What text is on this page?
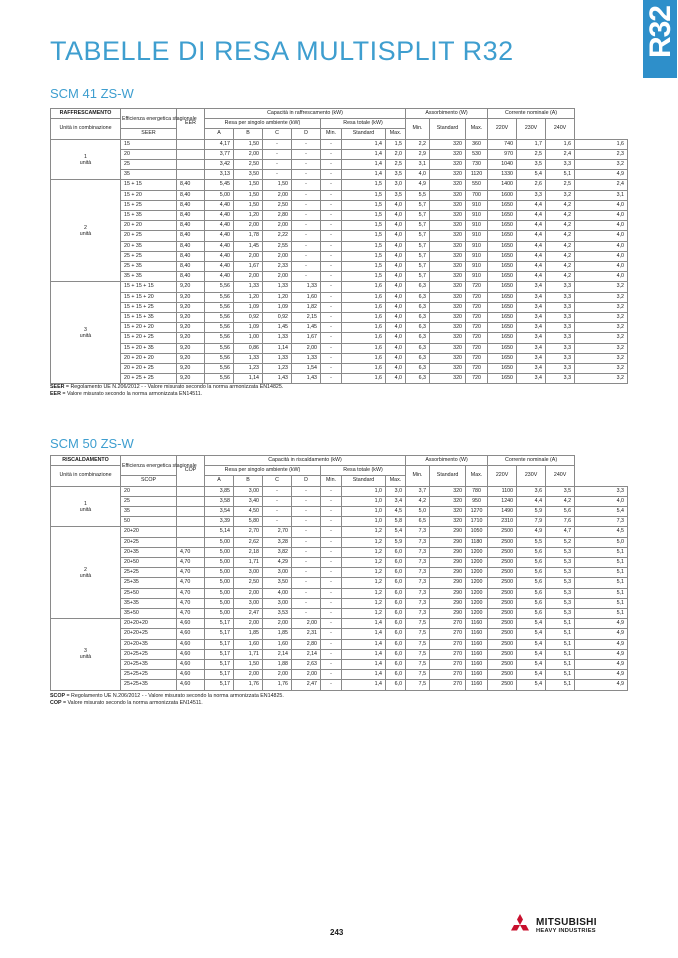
R32
TABELLE DI RESA MULTISPLIT R32
SCM 41 ZS-W
RAFFRESCAMENTO	Efficienza energetica stagionale	EER	Capacità in raffrescamento (kW)							Assorbimento (W)			Corrente nominale (A)			
Unità in combinazione			Resa per singolo ambiente (kW)				Resa totale (kW)			Min.	Standard	Max.	220V	230V	240V	
	SEER		A	B	C	D	Min.	Standard	Max.							
1
unità	15		4,17	1,50	-	-	-	1,4	1,5	2,2	320	360	740	1,7	1,6	1,6
	20		3,77	2,00	-	-	-	1,4	2,0	2,9	320	530	970	2,5	2,4	2,3
	25		3,42	2,50	-	-	-	1,4	2,5	3,1	320	730	1040	3,5	3,3	3,2
	35		3,13	3,50	-	-	-	1,4	3,5	4,0	320	1120	1330	5,4	5,1	4,9
2
unità	15 + 15	8,40	5,45	1,50	1,50	-	-	1,5	3,0	4,9	320	550	1400	2,6	2,5	2,4
	15 + 20	8,40	5,00	1,50	2,00	-	-	1,5	3,5	5,5	320	700	1600	3,3	3,2	3,1
	15 + 25	8,40	4,40	1,50	2,50	-	-	1,5	4,0	5,7	320	910	1650	4,4	4,2	4,0
	15 + 35	8,40	4,40	1,20	2,80	-	-	1,5	4,0	5,7	320	910	1650	4,4	4,2	4,0
	20 + 20	8,40	4,40	2,00	2,00	-	-	1,5	4,0	5,7	320	910	1650	4,4	4,2	4,0
	20 + 25	8,40	4,40	1,78	2,22	-	-	1,5	4,0	5,7	320	910	1650	4,4	4,2	4,0
	20 + 35	8,40	4,40	1,45	2,55	-	-	1,5	4,0	5,7	320	910	1650	4,4	4,2	4,0
	25 + 25	8,40	4,40	2,00	2,00	-	-	1,5	4,0	5,7	320	910	1650	4,4	4,2	4,0
	25 + 35	8,40	4,40	1,67	2,33	-	-	1,5	4,0	5,7	320	910	1650	4,4	4,2	4,0
	35 + 35	8,40	4,40	2,00	2,00	-	-	1,5	4,0	5,7	320	910	1650	4,4	4,2	4,0
3
unità	15 + 15 + 15	9,20	5,56	1,33	1,33	1,33	-	1,6	4,0	6,3	320	720	1650	3,4	3,3	3,2
	15 + 15 + 20	9,20	5,56	1,20	1,20	1,60	-	1,6	4,0	6,3	320	720	1650	3,4	3,3	3,2
	15 + 15 + 25	9,20	5,56	1,09	1,09	1,82	-	1,6	4,0	6,3	320	720	1650	3,4	3,3	3,2
	15 + 15 + 35	9,20	5,56	0,92	0,92	2,15	-	1,6	4,0	6,3	320	720	1650	3,4	3,3	3,2
	15 + 20 + 20	9,20	5,56	1,09	1,45	1,45	-	1,6	4,0	6,3	320	720	1650	3,4	3,3	3,2
	15 + 20 + 25	9,20	5,56	1,00	1,33	1,67	-	1,6	4,0	6,3	320	720	1650	3,4	3,3	3,2
	15 + 20 + 35	9,20	5,56	0,86	1,14	2,00	-	1,6	4,0	6,3	320	720	1650	3,4	3,3	3,2
	20 + 20 + 20	9,20	5,56	1,33	1,33	1,33	-	1,6	4,0	6,3	320	720	1650	3,4	3,3	3,2
	20 + 20 + 25	9,20	5,56	1,23	1,23	1,54	-	1,6	4,0	6,3	320	720	1650	3,4	3,3	3,2
	20 + 25 + 25	9,20	5,56	1,14	1,43	1,43	-	1,6	4,0	6,3	320	720	1650	3,4	3,3	3,2
SEER = Regolamento UE N.206/2012 - - Valore misurato secondo la norma armonizzata EN14825.
EER = Valore misurato secondo la norma armonizzata EN14511.
SCM 50 ZS-W
RISCALDAMENTO	Efficienza energetica stagionale	COP	Capacità in riscaldamento (kW)							Assorbimento (W)			Corrente nominale (A)			
Unità in combinazione			Resa per singolo ambiente (kW)				Resa totale (kW)			Min.	Standard	Max.	220V	230V	240V	
	SCOP		A	B	C	D	Min.	Standard	Max.							
1
unità	20		3,85	3,00	-	-	-	1,0	3,0	3,7	320	780	1100	3,6	3,5	3,3
	25		3,58	3,40	-	-	-	1,0	3,4	4,2	320	950	1240	4,4	4,2	4,0
	35		3,54	4,50	-	-	-	1,0	4,5	5,0	320	1270	1490	5,9	5,6	5,4
	50		3,39	5,80	-	-	-	1,0	5,8	6,5	320	1710	2310	7,9	7,6	7,3
2
unità	20+20		5,14	2,70	2,70	-	-	1,2	5,4	7,3	290	1050	2500	4,9	4,7	4,5
	20+25		5,00	2,62	3,28	-	-	1,2	5,9	7,3	290	1180	2500	5,5	5,2	5,0
	20+35	4,70	5,00	2,18	3,82	-	-	1,2	6,0	7,3	290	1200	2500	5,6	5,3	5,1
	20+50	4,70	5,00	1,71	4,29	-	-	1,2	6,0	7,3	290	1200	2500	5,6	5,3	5,1
	25+25	4,70	5,00	3,00	3,00	-	-	1,2	6,0	7,3	290	1200	2500	5,6	5,3	5,1
	25+35	4,70	5,00	2,50	3,50	-	-	1,2	6,0	7,3	290	1200	2500	5,6	5,3	5,1
	25+50	4,70	5,00	2,00	4,00	-	-	1,2	6,0	7,3	290	1200	2500	5,6	5,3	5,1
	35+35	4,70	5,00	3,00	3,00	-	-	1,2	6,0	7,3	290	1200	2500	5,6	5,3	5,1
	35+50	4,70	5,00	2,47	3,53	-	-	1,2	6,0	7,3	290	1200	2500	5,6	5,3	5,1
3
unità	20+20+20	4,60	5,17	2,00	2,00	2,00	-	1,4	6,0	7,5	270	1160	2500	5,4	5,1	4,9
	20+20+25	4,60	5,17	1,85	1,85	2,31	-	1,4	6,0	7,5	270	1160	2500	5,4	5,1	4,9
	20+20+35	4,60	5,17	1,60	1,60	2,80	-	1,4	6,0	7,5	270	1160	2500	5,4	5,1	4,9
	20+25+25	4,60	5,17	1,71	2,14	2,14	-	1,4	6,0	7,5	270	1160	2500	5,4	5,1	4,9
	20+25+35	4,60	5,17	1,50	1,88	2,63	-	1,4	6,0	7,5	270	1160	2500	5,4	5,1	4,9
	25+25+25	4,60	5,17	2,00	2,00	2,00	-	1,4	6,0	7,5	270	1160	2500	5,4	5,1	4,9
	25+25+35	4,60	5,17	1,76	1,76	2,47	-	1,4	6,0	7,5	270	1160	2500	5,4	5,1	4,9
SCOP = Regolamento UE N.206/2012 - - Valore misurato secondo la norma armonizzata EN14825.
COP = Valore misurato secondo la norma armonizzata EN14511.
243
MITSUBISHI
HEAVY INDUSTRIES
